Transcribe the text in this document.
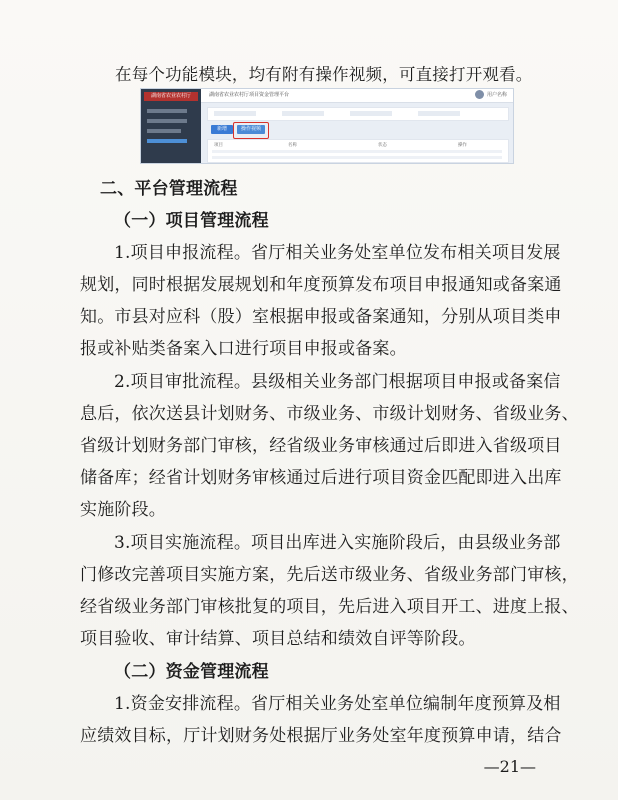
在每个功能模块，均有附有操作视频，可直接打开观看。
湖南省农业农村厅	湖南省农业农村厅项目资金管理平台	用户名称
新增	操作视频
项目	名称	状态	操作
二、平台管理流程
（一）项目管理流程
1.项目申报流程。省厅相关业务处室单位发布相关项目发展
规划，同时根据发展规划和年度预算发布项目申报通知或备案通
知。市县对应科（股）室根据申报或备案通知，分别从项目类申
报或补贴类备案入口进行项目申报或备案。
2.项目审批流程。县级相关业务部门根据项目申报或备案信
息后，依次送县计划财务、市级业务、市级计划财务、省级业务、
省级计划财务部门审核，经省级业务审核通过后即进入省级项目
储备库；经省计划财务审核通过后进行项目资金匹配即进入出库
实施阶段。
3.项目实施流程。项目出库进入实施阶段后，由县级业务部
门修改完善项目实施方案，先后送市级业务、省级业务部门审核，
经省级业务部门审核批复的项目，先后进入项目开工、进度上报、
项目验收、审计结算、项目总结和绩效自评等阶段。
（二）资金管理流程
1.资金安排流程。省厅相关业务处室单位编制年度预算及相
应绩效目标，厅计划财务处根据厅业务处室年度预算申请，结合
—21—
